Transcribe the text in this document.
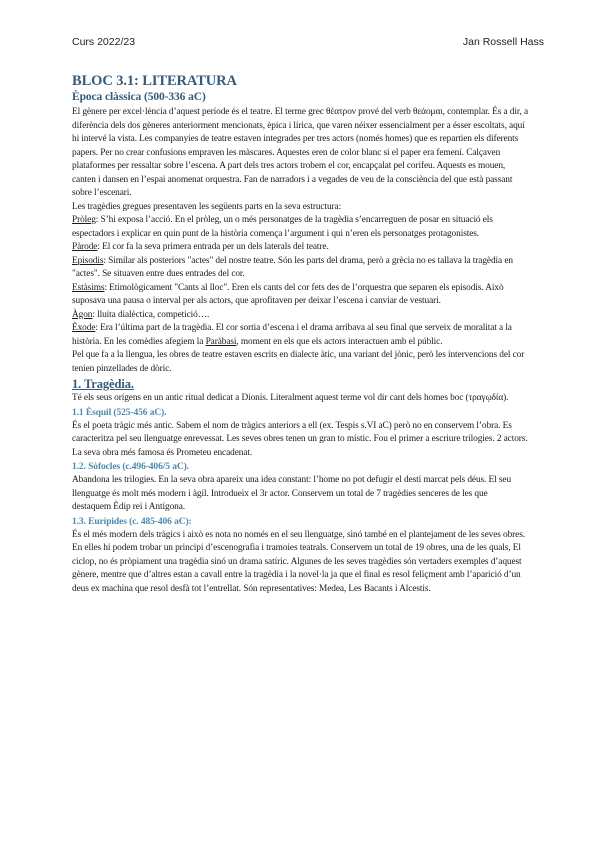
Curs 2022/23	Jan Rossell Hass
BLOC 3.1: LITERATURA
Època clàssica (500-336 aC)

El gènere per excel·lència d’aquest període és el teatre. El terme grec θέατρον prové del verb θεάομαι, contemplar. És a dir, a diferència dels dos gèneres anteriorment mencionats, èpica i lírica, que varen néixer essencialment per a ésser escoltats, aquí hi intervé la vista. Les companyies de teatre estaven integrades per tres actors (només homes) que es repartien els diferents papers. Per no crear confusions empraven les màscares. Aquestes eren de color blanc si el paper era femení. Calçaven plataformes per ressaltar sobre l’escena. A part dels tres actors trobem el cor, encapçalat pel corifeu. Aquests es mouen, canten i dansen en l’espai anomenat orquestra. Fan de narradors i a vegades de veu de la consciència del que està passant sobre l’escenari.

Les tragèdies gregues presentaven les següents parts en la seva estructura:

Pròleg: S’hi exposa l’acció. En el pròleg, un o més personatges de la tragèdia s’encarreguen de posar en situació els espectadors i explicar en quin punt de la història comença l’argument i qui n’eren els personatges protagonistes.

Pàrode: El cor fa la seva primera entrada per un dels laterals del teatre.

Episodis: Similar als posteriors "actes" del nostre teatre. Són les parts del drama, però a grècia no es tallava la tragèdia en "actes". Se situaven entre dues entrades del cor.

Estàsims: Etimològicament "Cants al lloc". Eren els cants del cor fets des de l’orquestra que separen els episodis. Això suposava una pausa o interval per als actors, que aprofitaven per deixar l’escena i canviar de vestuari.

Àgon: lluita dialèctica, competició….

Èxode: Era l’última part de la tragèdia. El cor sortia d’escena i el drama arribava al seu final que serveix de moralitat a la història. En les comèdies afegiem la Paràbasi, moment en els que els actors interactuen amb el públic.

Pel que fa a la llengua, les obres de teatre estaven escrits en dialecte àtic, una variant del jònic, però les intervencions del cor tenien pinzellades de dòric.

1. Tragèdia.

Té els seus orígens en un antic ritual dedicat a Dionís. Literalment aquest terme vol dir cant dels homes boc (τραγῳδία).

1.1 Èsquil (525-456 aC).

És el poeta tràgic més antic. Sabem el nom de tràgics anteriors a ell (ex. Tespis s.VI aC) però no en conservem l’obra. Es caracteritza pel seu llenguatge enrevessat. Les seves obres tenen un gran to místic. Fou el primer a escriure trilogies. 2 actors. La seva obra més famosa és Prometeu encadenat.

1.2. Sòfocles (c.496-406/5 aC).

Abandona les trilogies. En la seva obra apareix una idea constant: l’home no pot defugir el destí marcat pels déus. El seu llenguatge és molt més modern i àgil. Introdueix el 3r actor. Conservem un total de 7 tragèdies senceres de les que destaquem Èdip rei i Antígona.

1.3. Eurípides (c. 485-406 aC):

És el més modern dels tràgics i això es nota no només en el seu llenguatge, sinó també en el plantejament de les seves obres. En elles hi podem trobar un principi d’escenografia i tramoies teatrals. Conservem un total de 19 obres, una de les quals, El ciclop, no és pròpiament una tragèdia sinó un drama satíric. Algunes de les seves tragèdies són vertaders exemples d’aquest gènere, mentre que d’altres estan a cavall entre la tragèdia i la novel·la ja que el final es resol feliçment amb l’aparició d’un deus ex machina que resol desfà tot l’entrellat. Són representatives: Medea, Les Bacants i Alcestis.
